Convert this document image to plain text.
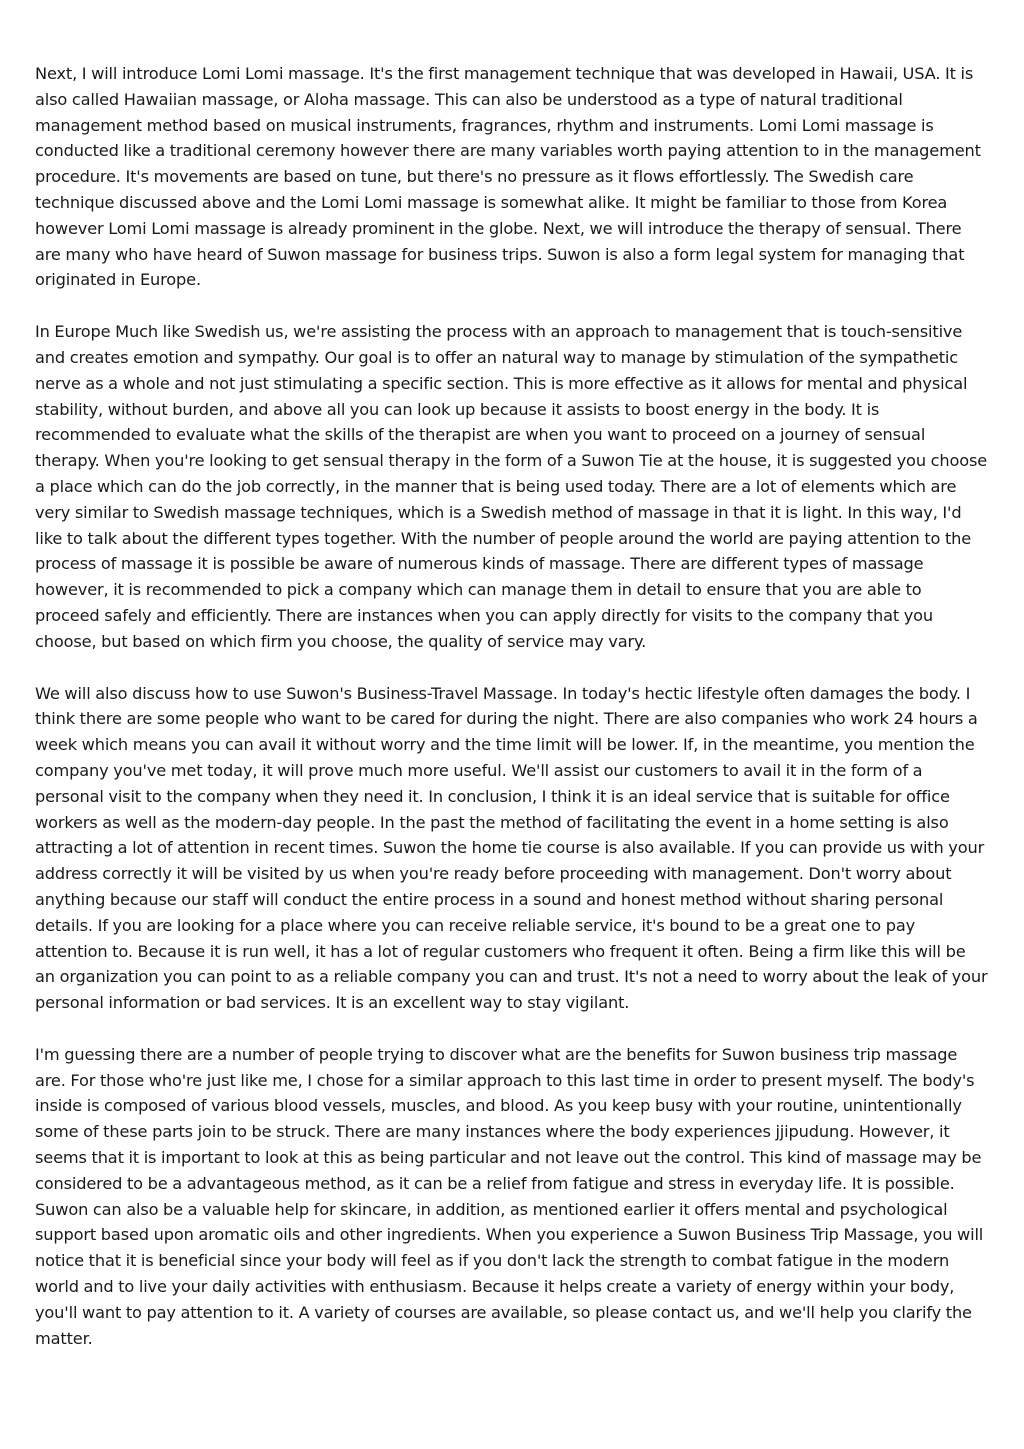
Next, I will introduce Lomi Lomi massage. It's the first management technique that was developed in Hawaii, USA. It is also called Hawaiian massage, or Aloha massage. This can also be understood as a type of natural traditional management method based on musical instruments, fragrances, rhythm and instruments. Lomi Lomi massage is conducted like a traditional ceremony however there are many variables worth paying attention to in the management procedure. It's movements are based on tune, but there's no pressure as it flows effortlessly. The Swedish care technique discussed above and the Lomi Lomi massage is somewhat alike. It might be familiar to those from Korea however Lomi Lomi massage is already prominent in the globe. Next, we will introduce the therapy of sensual. There are many who have heard of Suwon massage for business trips. Suwon is also a form legal system for managing that originated in Europe.

In Europe Much like Swedish us, we're assisting the process with an approach to management that is touch-sensitive and creates emotion and sympathy. Our goal is to offer an natural way to manage by stimulation of the sympathetic nerve as a whole and not just stimulating a specific section. This is more effective as it allows for mental and physical stability, without burden, and above all you can look up because it assists to boost energy in the body. It is recommended to evaluate what the skills of the therapist are when you want to proceed on a journey of sensual therapy. When you're looking to get sensual therapy in the form of a Suwon Tie at the house, it is suggested you choose a place which can do the job correctly, in the manner that is being used today. There are a lot of elements which are very similar to Swedish massage techniques, which is a Swedish method of massage in that it is light. In this way, I'd like to talk about the different types together. With the number of people around the world are paying attention to the process of massage it is possible be aware of numerous kinds of massage. There are different types of massage however, it is recommended to pick a company which can manage them in detail to ensure that you are able to proceed safely and efficiently. There are instances when you can apply directly for visits to the company that you choose, but based on which firm you choose, the quality of service may vary.

We will also discuss how to use Suwon's Business-Travel Massage. In today's hectic lifestyle often damages the body. I think there are some people who want to be cared for during the night. There are also companies who work 24 hours a week which means you can avail it without worry and the time limit will be lower. If, in the meantime, you mention the company you've met today, it will prove much more useful. We'll assist our customers to avail it in the form of a personal visit to the company when they need it. In conclusion, I think it is an ideal service that is suitable for office workers as well as the modern-day people. In the past the method of facilitating the event in a home setting is also attracting a lot of attention in recent times. Suwon the home tie course is also available. If you can provide us with your address correctly it will be visited by us when you're ready before proceeding with management. Don't worry about anything because our staff will conduct the entire process in a sound and honest method without sharing personal details. If you are looking for a place where you can receive reliable service, it's bound to be a great one to pay attention to. Because it is run well, it has a lot of regular customers who frequent it often. Being a firm like this will be an organization you can point to as a reliable company you can and trust. It's not a need to worry about the leak of your personal information or bad services. It is an excellent way to stay vigilant.

I'm guessing there are a number of people trying to discover what are the benefits for Suwon business trip massage are. For those who're just like me, I chose for a similar approach to this last time in order to present myself. The body's inside is composed of various blood vessels, muscles, and blood. As you keep busy with your routine, unintentionally some of these parts join to be struck. There are many instances where the body experiences jjipudung. However, it seems that it is important to look at this as being particular and not leave out the control. This kind of massage may be considered to be a advantageous method, as it can be a relief from fatigue and stress in everyday life. It is possible. Suwon can also be a valuable help for skincare, in addition, as mentioned earlier it offers mental and psychological support based upon aromatic oils and other ingredients. When you experience a Suwon Business Trip Massage, you will notice that it is beneficial since your body will feel as if you don't lack the strength to combat fatigue in the modern world and to live your daily activities with enthusiasm. Because it helps create a variety of energy within your body, you'll want to pay attention to it. A variety of courses are available, so please contact us, and we'll help you clarify the matter.
